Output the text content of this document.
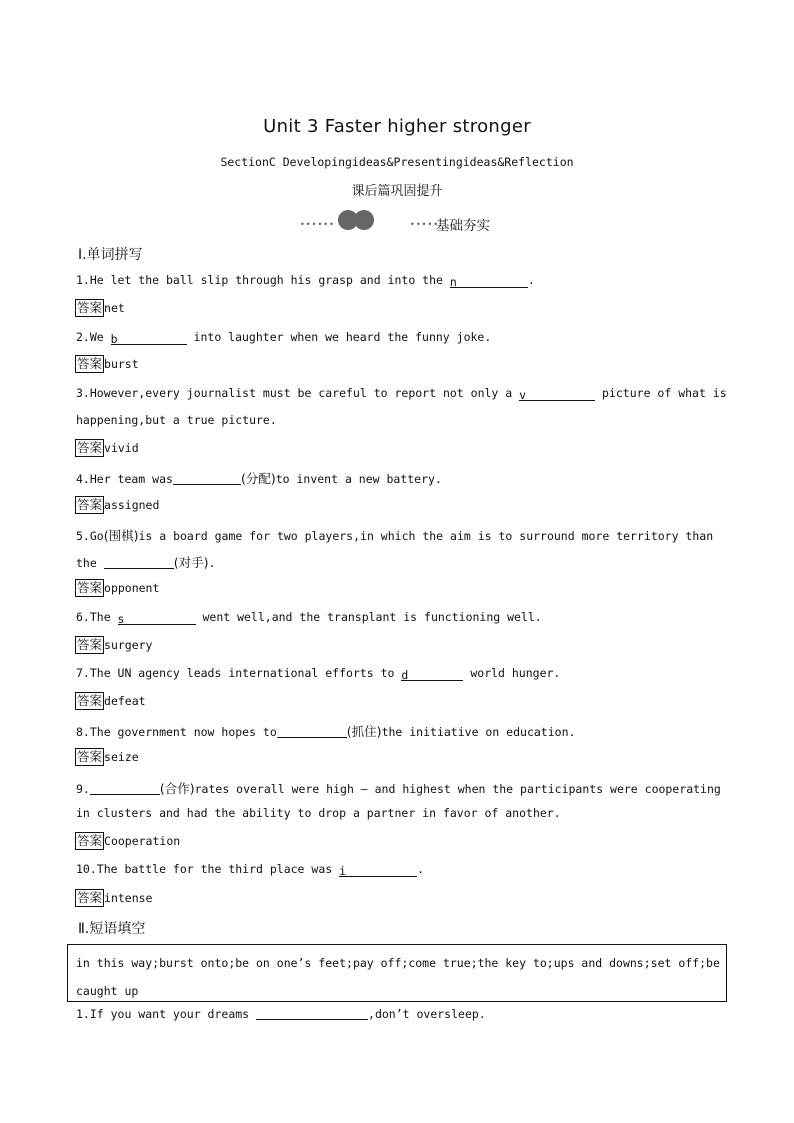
Unit 3 Faster higher stronger
SectionC Developingideas&Presentingideas&Reflection
课后篇巩固提升
••••••	•••••
基础夯实
Ⅰ.单词拼写
1.He let the ball slip through his grasp and into the n	.
答案 net
2.We b	into laughter when we heard the funny joke.
答案 burst
3.However,every journalist must be careful to report not only a v	picture of what is
happening,but a true picture.
答案 vivid
4.Her team was	(分配)to invent a new battery.
答案 assigned
5.Go(围棋)is a board game for two players,in which the aim is to surround more territory than
the	(对手).
答案 opponent
6.The s	went well,and the transplant is functioning well.
答案 surgery
7.The UN agency leads international efforts to d	world hunger.
答案 defeat
8.The government now hopes to	(抓住)the initiative on education.
答案 seize
9.	(合作)rates overall were high — and highest when the participants were cooperating
in clusters and had the ability to drop a partner in favor of another.
答案 Cooperation
10.The battle for the third place was i	.
答案 intense
Ⅱ.短语填空
in this way;burst onto;be on one’s feet;pay off;come true;the key to;ups and downs;set off;be caught up
1.If you want your dreams	,don’t oversleep.
